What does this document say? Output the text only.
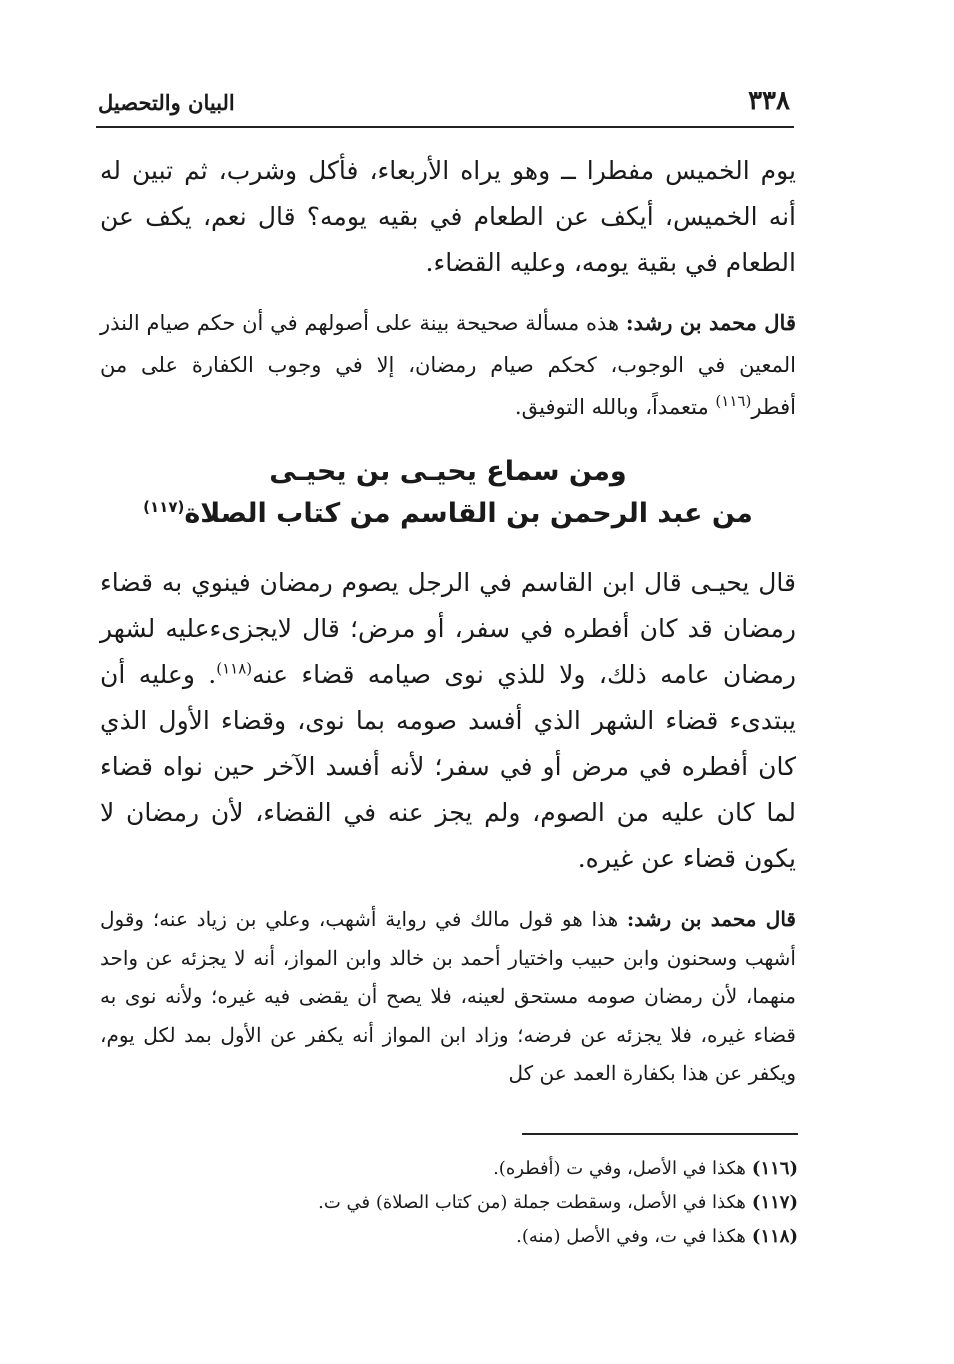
٣٣٨
البيان والتحصيل

يوم الخميس مفطرا ــ وهو يراه الأربعاء، فأكل وشرب، ثم تبين له أنه الخميس، أيكف عن الطعام في بقيه يومه؟ قال نعم، يكف عن الطعام في بقية يومه، وعليه القضاء.

قال محمد بن رشد: هذه مسألة صحيحة بينة على أصولهم في أن حكم صيام النذر المعين في الوجوب، كحكم صيام رمضان، إلا في وجوب الكفارة على من أفطر$^{(١١٦)}$ متعمداً، وبالله التوفيق.

ومن سماع يحيـى بن يحيـى

من عبد الرحمن بن القاسم من كتاب الصلاة$^{(١١٧)}$

قال يحيـى قال ابن القاسم في الرجل يصوم رمضان فينوي به قضاء رمضان قد كان أفطره في سفر، أو مرض؛ قال لايجزىءعليه لشهر رمضان عامه ذلك، ولا للذي نوى صيامه قضاء عنه$^{(١١٨)}$. وعليه أن يبتدىء قضاء الشهر الذي أفسد صومه بما نوى، وقضاء الأول الذي كان أفطره في مرض أو في سفر؛ لأنه أفسد الآخر حين نواه قضاء لما كان عليه من الصوم، ولم يجز عنه في القضاء، لأن رمضان لا يكون قضاء عن غيره.

قال محمد بن رشد: هذا هو قول مالك في رواية أشهب، وعلي بن زياد عنه؛ وقول أشهب وسحنون وابن حبيب واختيار أحمد بن خالد وابن المواز، أنه لا يجزئه عن واحد منهما، لأن رمضان صومه مستحق لعينه، فلا يصح أن يقضى فيه غيره؛ ولأنه نوى به قضاء غيره، فلا يجزئه عن فرضه؛ وزاد ابن المواز أنه يكفر عن الأول بمد لكل يوم، ويكفر عن هذا بكفارة العمد عن كل

(١١٦)هكذا في الأصل، وفي ت (أفطره).

(١١٧)هكذا في الأصل، وسقطت جملة (من كتاب الصلاة) في ت.

(١١٨)هكذا في ت، وفي الأصل (منه).
